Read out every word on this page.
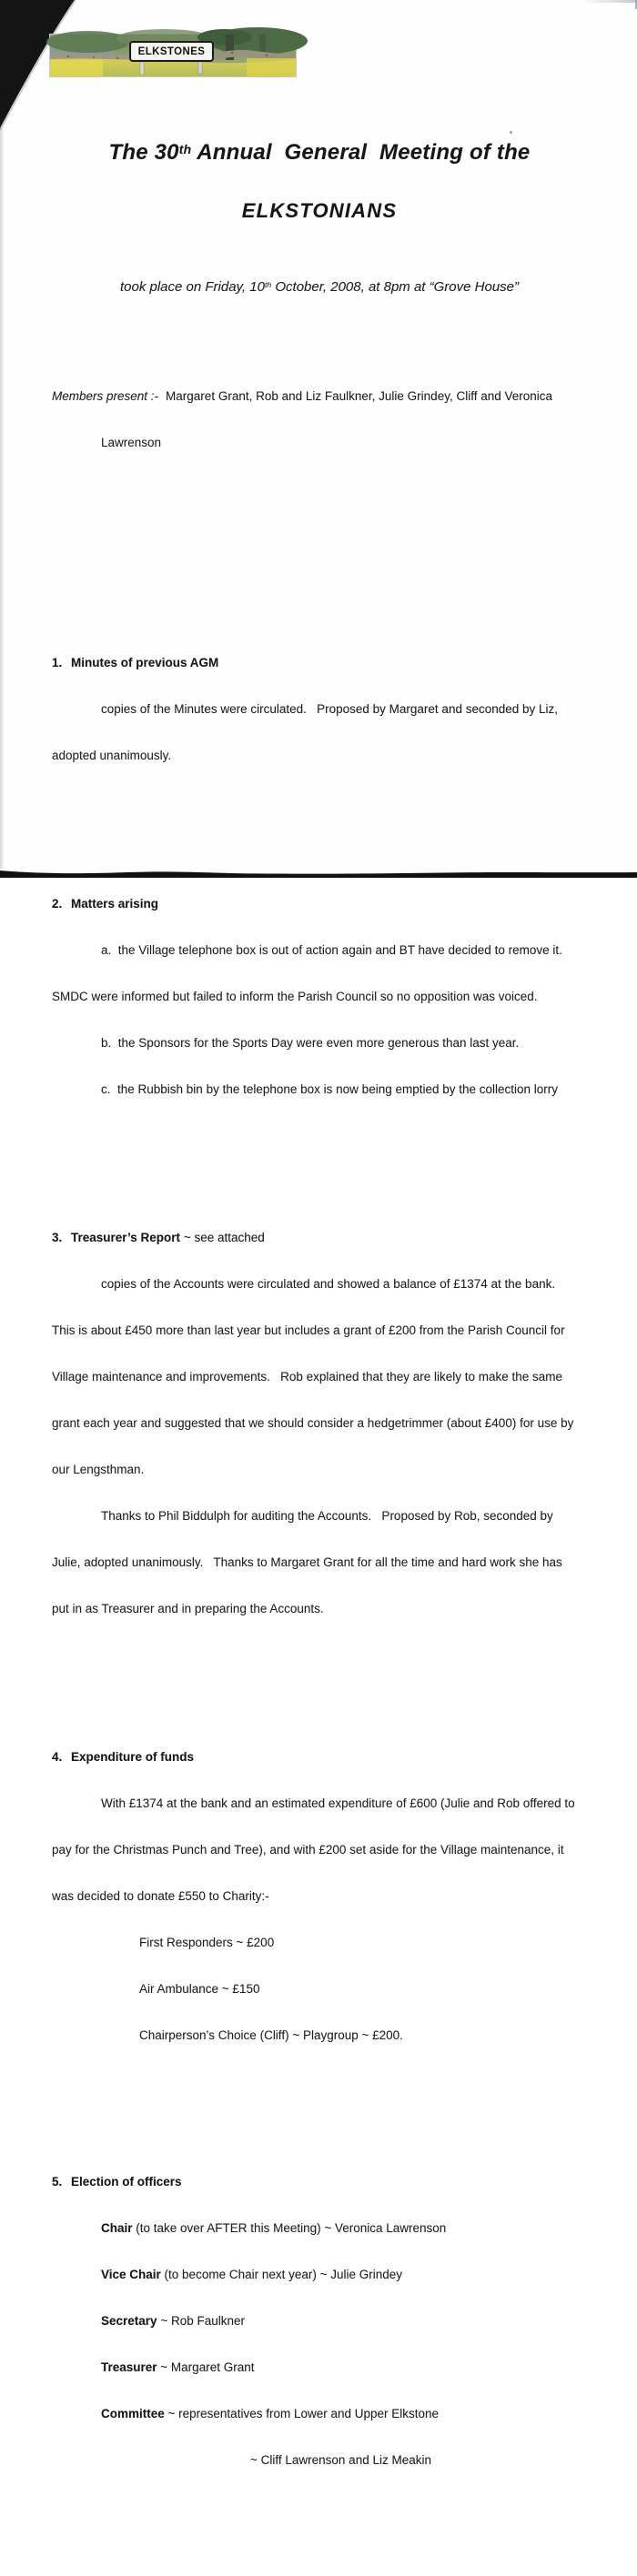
ELKSTONES

The 30th Annual  General  Meeting of the

ELKSTONIANS

took place on Friday, 10th October, 2008, at 8pm at “Grove House”

Members present :- Margaret Grant, Rob and Liz Faulkner, Julie Grindey, Cliff and Veronica

Lawrenson

1. Minutes of previous AGM

copies of the Minutes were circulated.   Proposed by Margaret and seconded by Liz,

adopted unanimously.

2. Matters arising

a.  the Village telephone box is out of action again and BT have decided to remove it.

SMDC were informed but failed to inform the Parish Council so no opposition was voiced.

b.  the Sponsors for the Sports Day were even more generous than last year.

c.  the Rubbish bin by the telephone box is now being emptied by the collection lorry

3. Treasurer’s Report ~ see attached

copies of the Accounts were circulated and showed a balance of £1374 at the bank.

This is about £450 more than last year but includes a grant of £200 from the Parish Council for

Village maintenance and improvements.   Rob explained that they are likely to make the same

grant each year and suggested that we should consider a hedgetrimmer (about £400) for use by

our Lengsthman.

Thanks to Phil Biddulph for auditing the Accounts.   Proposed by Rob, seconded by

Julie, adopted unanimously.   Thanks to Margaret Grant for all the time and hard work she has

put in as Treasurer and in preparing the Accounts.

4. Expenditure of funds

With £1374 at the bank and an estimated expenditure of £600 (Julie and Rob offered to

pay for the Christmas Punch and Tree), and with £200 set aside for the Village maintenance, it

was decided to donate £550 to Charity:-

First Responders ~ £200

Air Ambulance ~ £150

Chairperson’s Choice (Cliff) ~ Playgroup ~ £200.

5. Election of officers

Chair (to take over AFTER this Meeting) ~ Veronica Lawrenson

Vice Chair (to become Chair next year) ~ Julie Grindey

Secretary ~ Rob Faulkner

Treasurer ~ Margaret Grant

Committee ~ representatives from Lower and Upper Elkstone

~ Cliff Lawrenson and Liz Meakin
